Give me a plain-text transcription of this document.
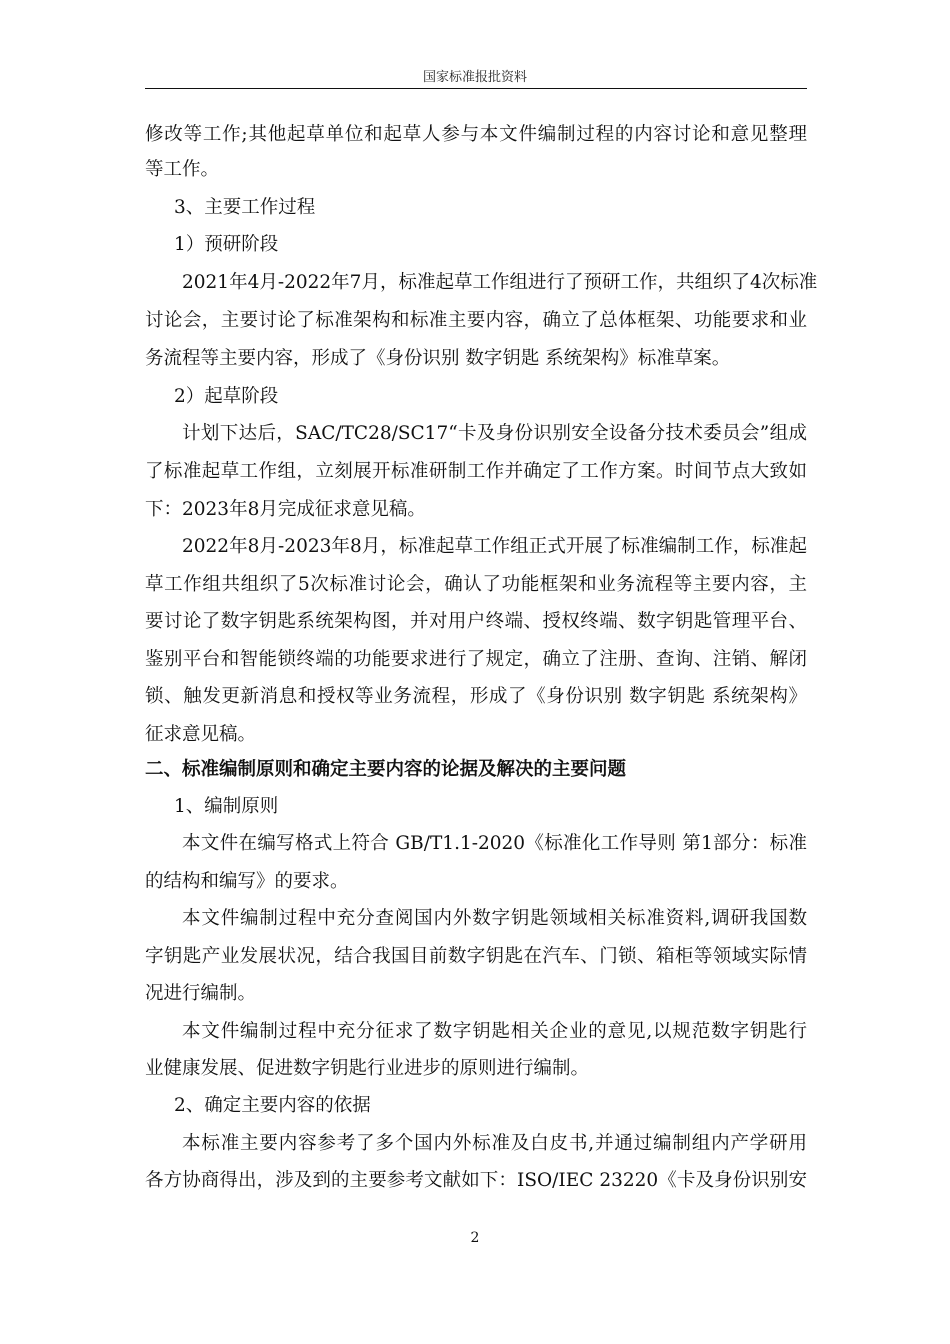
国家标准报批资料
修改等工作;其他起草单位和起草人参与本文件编制过程的内容讨论和意见整理
等工作。
3、主要工作过程
1）预研阶段
2021年4月-2022年7月，标准起草工作组进行了预研工作，共组织了4次标准
讨论会，主要讨论了标准架构和标准主要内容，确立了总体框架、功能要求和业
务流程等主要内容，形成了《身份识别 数字钥匙 系统架构》标准草案。
2）起草阶段
计划下达后，SAC/TC28/SC17“卡及身份识别安全设备分技术委员会”组成
了标准起草工作组，立刻展开标准研制工作并确定了工作方案。时间节点大致如
下：2023年8月完成征求意见稿。
2022年8月-2023年8月，标准起草工作组正式开展了标准编制工作，标准起
草工作组共组织了5次标准讨论会，确认了功能框架和业务流程等主要内容，主
要讨论了数字钥匙系统架构图，并对用户终端、授权终端、数字钥匙管理平台、
鉴别平台和智能锁终端的功能要求进行了规定，确立了注册、查询、注销、解闭
锁、触发更新消息和授权等业务流程，形成了《身份识别 数字钥匙 系统架构》
征求意见稿。
二、标准编制原则和确定主要内容的论据及解决的主要问题
1、编制原则
本文件在编写格式上符合 GB/T1.1-2020《标准化工作导则 第1部分：标准
的结构和编写》的要求。
本文件编制过程中充分查阅国内外数字钥匙领域相关标准资料,调研我国数
字钥匙产业发展状况，结合我国目前数字钥匙在汽车、门锁、箱柜等领域实际情
况进行编制。
本文件编制过程中充分征求了数字钥匙相关企业的意见,以规范数字钥匙行
业健康发展、促进数字钥匙行业进步的原则进行编制。
2、确定主要内容的依据
本标准主要内容参考了多个国内外标准及白皮书,并通过编制组内产学研用
各方协商得出，涉及到的主要参考文献如下：ISO/IEC 23220《卡及身份识别安
2
